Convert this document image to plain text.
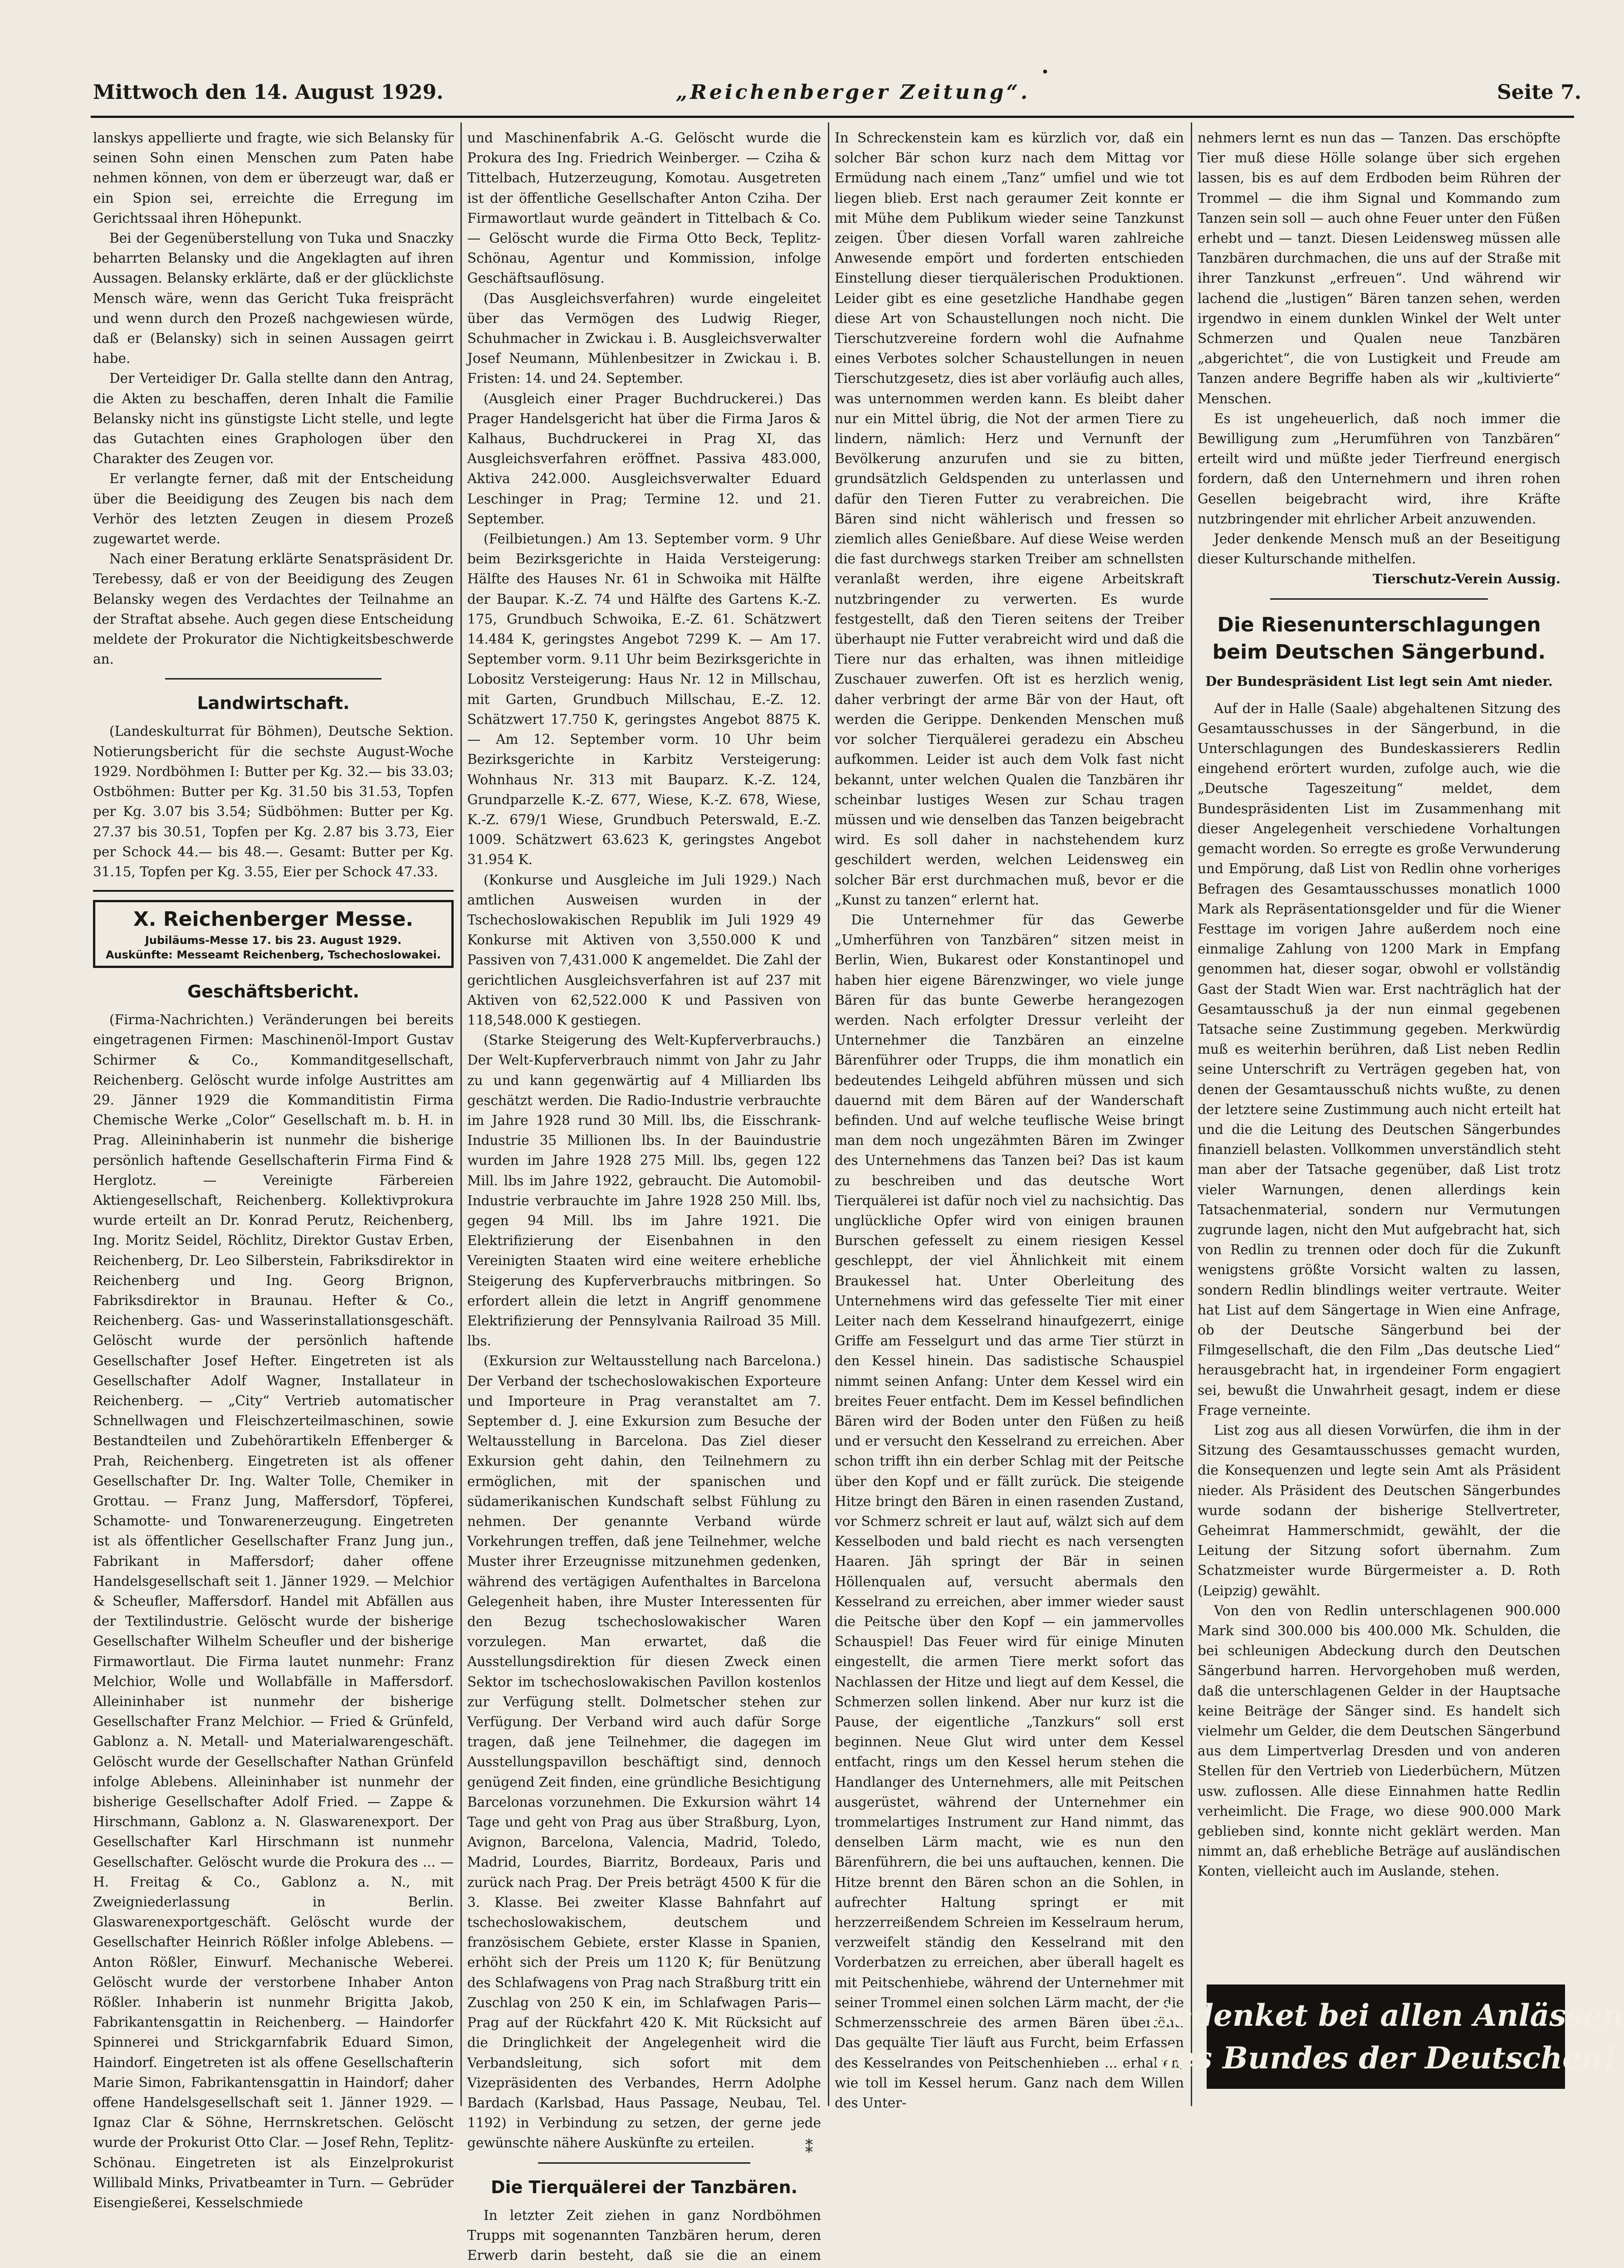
Mittwoch den 14. August 1929.	„Reichenberger Zeitung“.	Seite 7.
•

lanskys appellierte und fragte, wie sich Belansky für seinen Sohn einen Menschen zum Paten habe nehmen können, von dem er überzeugt war, daß er ein Spion sei, erreichte die Erregung im Gerichtssaal ihren Höhepunkt.

Bei der Gegenüberstellung von Tuka und Snaczky beharrten Belansky und die Angeklagten auf ihren Aussagen. Belansky erklärte, daß er der glücklichste Mensch wäre, wenn das Gericht Tuka freisprächt und wenn durch den Prozeß nachgewiesen würde, daß er (Belansky) sich in seinen Aussagen geirrt habe.

Der Verteidiger Dr. Galla stellte dann den Antrag, die Akten zu beschaffen, deren Inhalt die Familie Belansky nicht ins günstigste Licht stelle, und legte das Gutachten eines Graphologen über den Charakter des Zeugen vor.

Er verlangte ferner, daß mit der Entscheidung über die Beeidigung des Zeugen bis nach dem Verhör des letzten Zeugen in diesem Prozeß zugewartet werde.

Nach einer Beratung erklärte Senatspräsident Dr. Terebessy, daß er von der Beeidigung des Zeugen Belansky wegen des Verdachtes der Teilnahme an der Straftat absehe. Auch gegen diese Entscheidung meldete der Prokurator die Nichtigkeitsbeschwerde an.

Landwirtschaft.

(Landeskulturrat für Böhmen), Deutsche Sektion. Notierungsbericht für die sechste August-Woche 1929. Nordböhmen I: Butter per Kg. 32.— bis 33.03; Ostböhmen: Butter per Kg. 31.50 bis 31.53, Topfen per Kg. 3.07 bis 3.54; Südböhmen: Butter per Kg. 27.37 bis 30.51, Topfen per Kg. 2.87 bis 3.73, Eier per Schock 44.— bis 48.—. Gesamt: Butter per Kg. 31.15, Topfen per Kg. 3.55, Eier per Schock 47.33.

X. Reichenberger Messe.
Jubiläums-Messe 17. bis 23. August 1929.
Auskünfte: Messeamt Reichenberg, Tschechoslowakei.
Geschäftsbericht.

(Firma-Nachrichten.) Veränderungen bei bereits eingetragenen Firmen: Maschinenöl-Import Gustav Schirmer & Co., Kommanditgesellschaft, Reichenberg. Gelöscht wurde infolge Austrittes am 29. Jänner 1929 die Kommanditistin Firma Chemische Werke „Color“ Gesellschaft m. b. H. in Prag. Alleininhaberin ist nunmehr die bisherige persönlich haftende Gesellschafterin Firma Find & Herglotz. — Vereinigte Färbereien Aktiengesellschaft, Reichenberg. Kollektivprokura wurde erteilt an Dr. Konrad Perutz, Reichenberg, Ing. Moritz Seidel, Röchlitz, Direktor Gustav Erben, Reichenberg, Dr. Leo Silberstein, Fabriksdirektor in Reichenberg und Ing. Georg Brignon, Fabriksdirektor in Braunau. Hefter & Co., Reichenberg. Gas- und Wasserinstallationsgeschäft. Gelöscht wurde der persönlich haftende Gesellschafter Josef Hefter. Eingetreten ist als Gesellschafter Adolf Wagner, Installateur in Reichenberg. — „City“ Vertrieb automatischer Schnellwagen und Fleischzerteilmaschinen, sowie Bestandteilen und Zubehörartikeln Effenberger & Prah, Reichenberg. Eingetreten ist als offener Gesellschafter Dr. Ing. Walter Tolle, Chemiker in Grottau. — Franz Jung, Maffersdorf, Töpferei, Schamotte- und Tonwarenerzeugung. Eingetreten ist als öffentlicher Gesellschafter Franz Jung jun., Fabrikant in Maffersdorf; daher offene Handelsgesellschaft seit 1. Jänner 1929. — Melchior & Scheufler, Maffersdorf. Handel mit Abfällen aus der Textilindustrie. Gelöscht wurde der bisherige Gesellschafter Wilhelm Scheufler und der bisherige Firmawortlaut. Die Firma lautet nunmehr: Franz Melchior, Wolle und Wollabfälle in Maffersdorf. Alleininhaber ist nunmehr der bisherige Gesellschafter Franz Melchior. — Fried & Grünfeld, Gablonz a. N. Metall- und Materialwarengeschäft. Gelöscht wurde der Gesellschafter Nathan Grünfeld infolge Ablebens. Alleininhaber ist nunmehr der bisherige Gesellschafter Adolf Fried. — Zappe & Hirschmann, Gablonz a. N. Glaswarenexport. Der Gesellschafter Karl Hirschmann ist nunmehr Gesellschafter. Gelöscht wurde die Prokura des ... — H. Freitag & Co., Gablonz a. N., mit Zweigniederlassung in Berlin. Glaswarenexportgeschäft. Gelöscht wurde der Gesellschafter Heinrich Rößler infolge Ablebens. — Anton Rößler, Einwurf. Mechanische Weberei. Gelöscht wurde der verstorbene Inhaber Anton Rößler. Inhaberin ist nunmehr Brigitta Jakob, Fabrikantensgattin in Reichenberg. — Haindorfer Spinnerei und Strickgarnfabrik Eduard Simon, Haindorf. Eingetreten ist als offene Gesellschafterin Marie Simon, Fabrikantensgattin in Haindorf; daher offene Handelsgesellschaft seit 1. Jänner 1929. — Ignaz Clar & Söhne, Herrnskretschen. Gelöscht wurde der Prokurist Otto Clar. — Josef Rehn, Teplitz-Schönau. Eingetreten ist als Einzelprokurist Willibald Minks, Privatbeamter in Turn. — Gebrüder Eisengießerei, Kesselschmiede

und Maschinenfabrik A.-G. Gelöscht wurde die Prokura des Ing. Friedrich Weinberger. — Cziha & Tittelbach, Hutzerzeugung, Komotau. Ausgetreten ist der öffentliche Gesellschafter Anton Cziha. Der Firmawortlaut wurde geändert in Tittelbach & Co. — Gelöscht wurde die Firma Otto Beck, Teplitz-Schönau, Agentur und Kommission, infolge Geschäftsauflösung.

(Das Ausgleichsverfahren) wurde eingeleitet über das Vermögen des Ludwig Rieger, Schuhmacher in Zwickau i. B. Ausgleichsverwalter Josef Neumann, Mühlenbesitzer in Zwickau i. B. Fristen: 14. und 24. September.

(Ausgleich einer Prager Buchdruckerei.) Das Prager Handelsgericht hat über die Firma Jaros & Kalhaus, Buchdruckerei in Prag XI, das Ausgleichsverfahren eröffnet. Passiva 483.000, Aktiva 242.000. Ausgleichsverwalter Eduard Leschinger in Prag; Termine 12. und 21. September.

(Feilbietungen.) Am 13. September vorm. 9 Uhr beim Bezirksgerichte in Haida Versteigerung: Hälfte des Hauses Nr. 61 in Schwoika mit Hälfte der Baupar. K.-Z. 74 und Hälfte des Gartens K.-Z. 175, Grundbuch Schwoika, E.-Z. 61. Schätzwert 14.484 K, geringstes Angebot 7299 K. — Am 17. September vorm. 9.11 Uhr beim Bezirksgerichte in Lobositz Versteigerung: Haus Nr. 12 in Millschau, mit Garten, Grundbuch Millschau, E.-Z. 12. Schätzwert 17.750 K, geringstes Angebot 8875 K. — Am 12. September vorm. 10 Uhr beim Bezirksgerichte in Karbitz Versteigerung: Wohnhaus Nr. 313 mit Bauparz. K.-Z. 124, Grundparzelle K.-Z. 677, Wiese, K.-Z. 678, Wiese, K.-Z. 679/1 Wiese, Grundbuch Peterswald, E.-Z. 1009. Schätzwert 63.623 K, geringstes Angebot 31.954 K.

(Konkurse und Ausgleiche im Juli 1929.) Nach amtlichen Ausweisen wurden in der Tschechoslowakischen Republik im Juli 1929 49 Konkurse mit Aktiven von 3,550.000 K und Passiven von 7,431.000 K angemeldet. Die Zahl der gerichtlichen Ausgleichsverfahren ist auf 237 mit Aktiven von 62,522.000 K und Passiven von 118,548.000 K gestiegen.

(Starke Steigerung des Welt-Kupferverbrauchs.) Der Welt-Kupferverbrauch nimmt von Jahr zu Jahr zu und kann gegenwärtig auf 4 Milliarden lbs geschätzt werden. Die Radio-Industrie verbrauchte im Jahre 1928 rund 30 Mill. lbs, die Eisschrank-Industrie 35 Millionen lbs. In der Bauindustrie wurden im Jahre 1928 275 Mill. lbs, gegen 122 Mill. lbs im Jahre 1922, gebraucht. Die Automobil-Industrie verbrauchte im Jahre 1928 250 Mill. lbs, gegen 94 Mill. lbs im Jahre 1921. Die Elektrifizierung der Eisenbahnen in den Vereinigten Staaten wird eine weitere erhebliche Steigerung des Kupferverbrauchs mitbringen. So erfordert allein die letzt in Angriff genommene Elektrifizierung der Pennsylvania Railroad 35 Mill. lbs.

(Exkursion zur Weltausstellung nach Barcelona.) Der Verband der tschechoslowakischen Exporteure und Importeure in Prag veranstaltet am 7. September d. J. eine Exkursion zum Besuche der Weltausstellung in Barcelona. Das Ziel dieser Exkursion geht dahin, den Teilnehmern zu ermöglichen, mit der spanischen und südamerikanischen Kundschaft selbst Fühlung zu nehmen. Der genannte Verband würde Vorkehrungen treffen, daß jene Teilnehmer, welche Muster ihrer Erzeugnisse mitzunehmen gedenken, während des vertägigen Aufenthaltes in Barcelona Gelegenheit haben, ihre Muster Interessenten für den Bezug tschechoslowakischer Waren vorzulegen. Man erwartet, daß die Ausstellungsdirektion für diesen Zweck einen Sektor im tschechoslowakischen Pavillon kostenlos zur Verfügung stellt. Dolmetscher stehen zur Verfügung. Der Verband wird auch dafür Sorge tragen, daß jene Teilnehmer, die dagegen im Ausstellungspavillon beschäftigt sind, dennoch genügend Zeit finden, eine gründliche Besichtigung Barcelonas vorzunehmen. Die Exkursion währt 14 Tage und geht von Prag aus über Straßburg, Lyon, Avignon, Barcelona, Valencia, Madrid, Toledo, Madrid, Lourdes, Biarritz, Bordeaux, Paris und zurück nach Prag. Der Preis beträgt 4500 K für die 3. Klasse. Bei zweiter Klasse Bahnfahrt auf tschechoslowakischem, deutschem und französischem Gebiete, erster Klasse in Spanien, erhöht sich der Preis um 1120 K; für Benützung des Schlafwagens von Prag nach Straßburg tritt ein Zuschlag von 250 K ein, im Schlafwagen Paris—Prag auf der Rückfahrt 420 K. Mit Rücksicht auf die Dringlichkeit der Angelegenheit wird die Verbandsleitung, sich sofort mit dem Vizepräsidenten des Verbandes, Herrn Adolphe Bardach (Karlsbad, Haus Passage, Neubau, Tel. 1192) in Verbindung zu setzen, der gerne jede gewünschte nähere Auskünfte zu erteilen.

Die Tierquälerei der Tanzbären.

In letzter Zeit ziehen in ganz Nordböhmen Trupps mit sogenannten Tanzbären herum, deren Erwerb darin besteht, daß sie die an einem

In Schreckenstein kam es kürzlich vor, daß ein solcher Bär schon kurz nach dem Mittag vor Ermüdung nach einem „Tanz“ umfiel und wie tot liegen blieb. Erst nach geraumer Zeit konnte er mit Mühe dem Publikum wieder seine Tanzkunst zeigen. Über diesen Vorfall waren zahlreiche Anwesende empört und forderten entschieden Einstellung dieser tierquälerischen Produktionen. Leider gibt es eine gesetzliche Handhabe gegen diese Art von Schaustellungen noch nicht. Die Tierschutzvereine fordern wohl die Aufnahme eines Verbotes solcher Schaustellungen in neuen Tierschutzgesetz, dies ist aber vorläufig auch alles, was unternommen werden kann. Es bleibt daher nur ein Mittel übrig, die Not der armen Tiere zu lindern, nämlich: Herz und Vernunft der Bevölkerung anzurufen und sie zu bitten, grundsätzlich Geldspenden zu unterlassen und dafür den Tieren Futter zu verabreichen. Die Bären sind nicht wählerisch und fressen so ziemlich alles Genießbare. Auf diese Weise werden die fast durchwegs starken Treiber am schnellsten veranlaßt werden, ihre eigene Arbeitskraft nutzbringender zu verwerten. Es wurde festgestellt, daß den Tieren seitens der Treiber überhaupt nie Futter verabreicht wird und daß die Tiere nur das erhalten, was ihnen mitleidige Zuschauer zuwerfen. Oft ist es herzlich wenig, daher verbringt der arme Bär von der Haut, oft werden die Gerippe. Denkenden Menschen muß vor solcher Tierquälerei geradezu ein Abscheu aufkommen. Leider ist auch dem Volk fast nicht bekannt, unter welchen Qualen die Tanzbären ihr scheinbar lustiges Wesen zur Schau tragen müssen und wie denselben das Tanzen beigebracht wird. Es soll daher in nachstehendem kurz geschildert werden, welchen Leidensweg ein solcher Bär erst durchmachen muß, bevor er die „Kunst zu tanzen“ erlernt hat.

Die Unternehmer für das Gewerbe „Umherführen von Tanzbären“ sitzen meist in Berlin, Wien, Bukarest oder Konstantinopel und haben hier eigene Bärenzwinger, wo viele junge Bären für das bunte Gewerbe herangezogen werden. Nach erfolgter Dressur verleiht der Unternehmer die Tanzbären an einzelne Bärenführer oder Trupps, die ihm monatlich ein bedeutendes Leihgeld abführen müssen und sich dauernd mit dem Bären auf der Wanderschaft befinden. Und auf welche teuflische Weise bringt man dem noch ungezähmten Bären im Zwinger des Unternehmens das Tanzen bei? Das ist kaum zu beschreiben und das deutsche Wort Tierquälerei ist dafür noch viel zu nachsichtig. Das unglückliche Opfer wird von einigen braunen Burschen gefesselt zu einem riesigen Kessel geschleppt, der viel Ähnlichkeit mit einem Braukessel hat. Unter Oberleitung des Unternehmens wird das gefesselte Tier mit einer Leiter nach dem Kesselrand hinaufgezerrt, einige Griffe am Fesselgurt und das arme Tier stürzt in den Kessel hinein. Das sadistische Schauspiel nimmt seinen Anfang: Unter dem Kessel wird ein breites Feuer entfacht. Dem im Kessel befindlichen Bären wird der Boden unter den Füßen zu heiß und er versucht den Kesselrand zu erreichen. Aber schon trifft ihn ein derber Schlag mit der Peitsche über den Kopf und er fällt zurück. Die steigende Hitze bringt den Bären in einen rasenden Zustand, vor Schmerz schreit er laut auf, wälzt sich auf dem Kesselboden und bald riecht es nach versengten Haaren. Jäh springt der Bär in seinen Höllenqualen auf, versucht abermals den Kesselrand zu erreichen, aber immer wieder saust die Peitsche über den Kopf — ein jammervolles Schauspiel! Das Feuer wird für einige Minuten eingestellt, die armen Tiere merkt sofort das Nachlassen der Hitze und liegt auf dem Kessel, die Schmerzen sollen linkend. Aber nur kurz ist die Pause, der eigentliche „Tanzkurs“ soll erst beginnen. Neue Glut wird unter dem Kessel entfacht, rings um den Kessel herum stehen die Handlanger des Unternehmers, alle mit Peitschen ausgerüstet, während der Unternehmer ein trommelartiges Instrument zur Hand nimmt, das denselben Lärm macht, wie es nun den Bärenführern, die bei uns auftauchen, kennen. Die Hitze brennt den Bären schon an die Sohlen, in aufrechter Haltung springt er mit herzzerreißendem Schreien im Kesselraum herum, verzweifelt ständig den Kesselrand mit den Vorderbatzen zu erreichen, aber überall hagelt es mit Peitschenhiebe, während der Unternehmer mit seiner Trommel einen solchen Lärm macht, der die Schmerzensschreie des armen Bären übertönt. Das gequälte Tier läuft aus Furcht, beim Erfassen des Kesselrandes von Peitschenhieben ... erhalten, wie toll im Kessel herum. Ganz nach dem Willen des Unter-

nehmers lernt es nun das — Tanzen. Das erschöpfte Tier muß diese Hölle solange über sich ergehen lassen, bis es auf dem Erdboden beim Rühren der Trommel — die ihm Signal und Kommando zum Tanzen sein soll — auch ohne Feuer unter den Füßen erhebt und — tanzt. Diesen Leidensweg müssen alle Tanzbären durchmachen, die uns auf der Straße mit ihrer Tanzkunst „erfreuen“. Und während wir lachend die „lustigen“ Bären tanzen sehen, werden irgendwo in einem dunklen Winkel der Welt unter Schmerzen und Qualen neue Tanzbären „abgerichtet“, die von Lustigkeit und Freude am Tanzen andere Begriffe haben als wir „kultivierte“ Menschen.

Es ist ungeheuerlich, daß noch immer die Bewilligung zum „Herumführen von Tanzbären“ erteilt wird und müßte jeder Tierfreund energisch fordern, daß den Unternehmern und ihren rohen Gesellen beigebracht wird, ihre Kräfte nutzbringender mit ehrlicher Arbeit anzuwenden.

Jeder denkende Mensch muß an der Beseitigung dieser Kulturschande mithelfen.

Tierschutz-Verein Aussig.
Die Riesenunterschlagungen beim Deutschen Sängerbund.
Der Bundespräsident List legt sein Amt nieder.

Auf der in Halle (Saale) abgehaltenen Sitzung des Gesamtausschusses in der Sängerbund, in die Unterschlagungen des Bundeskassierers Redlin eingehend erörtert wurden, zufolge auch, wie die „Deutsche Tageszeitung“ meldet, dem Bundespräsidenten List im Zusammenhang mit dieser Angelegenheit verschiedene Vorhaltungen gemacht worden. So erregte es große Verwunderung und Empörung, daß List von Redlin ohne vorheriges Befragen des Gesamtausschusses monatlich 1000 Mark als Repräsentationsgelder und für die Wiener Festtage im vorigen Jahre außerdem noch eine einmalige Zahlung von 1200 Mark in Empfang genommen hat, dieser sogar, obwohl er vollständig Gast der Stadt Wien war. Erst nachträglich hat der Gesamtausschuß ja der nun einmal gegebenen Tatsache seine Zustimmung gegeben. Merkwürdig muß es weiterhin berühren, daß List neben Redlin seine Unterschrift zu Verträgen gegeben hat, von denen der Gesamtausschuß nichts wußte, zu denen der letztere seine Zustimmung auch nicht erteilt hat und die die Leitung des Deutschen Sängerbundes finanziell belasten. Vollkommen unverständlich steht man aber der Tatsache gegenüber, daß List trotz vieler Warnungen, denen allerdings kein Tatsachenmaterial, sondern nur Vermutungen zugrunde lagen, nicht den Mut aufgebracht hat, sich von Redlin zu trennen oder doch für die Zukunft wenigstens größte Vorsicht walten zu lassen, sondern Redlin blindlings weiter vertraute. Weiter hat List auf dem Sängertage in Wien eine Anfrage, ob der Deutsche Sängerbund bei der Filmgesellschaft, die den Film „Das deutsche Lied“ herausgebracht hat, in irgendeiner Form engagiert sei, bewußt die Unwahrheit gesagt, indem er diese Frage verneinte.

List zog aus all diesen Vorwürfen, die ihm in der Sitzung des Gesamtausschusses gemacht wurden, die Konsequenzen und legte sein Amt als Präsident nieder. Als Präsident des Deutschen Sängerbundes wurde sodann der bisherige Stellvertreter, Geheimrat Hammerschmidt, gewählt, der die Leitung der Sitzung sofort übernahm. Zum Schatzmeister wurde Bürgermeister a. D. Roth (Leipzig) gewählt.

Von den von Redlin unterschlagenen 900.000 Mark sind 300.000 bis 400.000 Mk. Schulden, die bei schleunigen Abdeckung durch den Deutschen Sängerbund harren. Hervorgehoben muß werden, daß die unterschlagenen Gelder in der Hauptsache keine Beiträge der Sänger sind. Es handelt sich vielmehr um Gelder, die dem Deutschen Sängerbund aus dem Limpertverlag Dresden und von anderen Stellen für den Vertrieb von Liederbüchern, Mützen usw. zuflossen. Alle diese Einnahmen hatte Redlin verheimlicht. Die Frage, wo diese 900.000 Mark geblieben sind, konnte nicht geklärt werden. Man nimmt an, daß erhebliche Beträge auf ausländischen Konten, vielleicht auch im Auslande, stehen.

Gedenket bei allen Anlässen
des Bundes der Deutschen!
⁑
